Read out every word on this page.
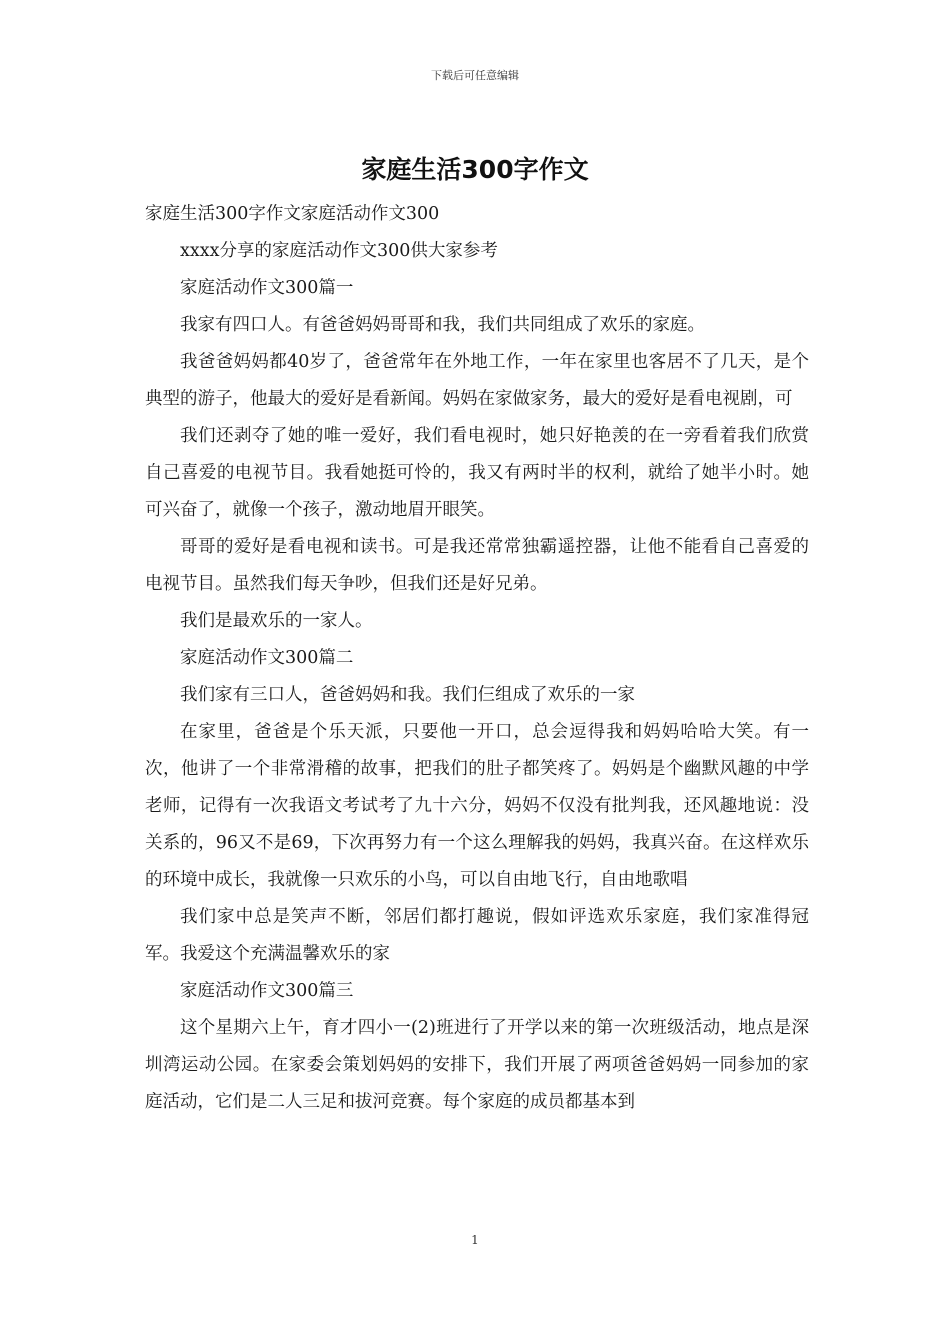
下载后可任意编辑
家庭生活300字作文

家庭生活300字作文家庭活动作文300

xxxx分享的家庭活动作文300供大家参考

家庭活动作文300篇一

我家有四口人。有爸爸妈妈哥哥和我，我们共同组成了欢乐的家庭。

我爸爸妈妈都40岁了，爸爸常年在外地工作，一年在家里也客居不了几天，是个典型的游子，他最大的爱好是看新闻。妈妈在家做家务，最大的爱好是看电视剧，可

我们还剥夺了她的唯一爱好，我们看电视时，她只好艳羡的在一旁看着我们欣赏自己喜爱的电视节目。我看她挺可怜的，我又有两时半的权利，就给了她半小时。她可兴奋了，就像一个孩子，激动地眉开眼笑。

哥哥的爱好是看电视和读书。可是我还常常独霸遥控器，让他不能看自己喜爱的电视节目。虽然我们每天争吵，但我们还是好兄弟。

我们是最欢乐的一家人。

家庭活动作文300篇二

我们家有三口人，爸爸妈妈和我。我们仨组成了欢乐的一家

在家里，爸爸是个乐天派，只要他一开口，总会逗得我和妈妈哈哈大笑。有一次，他讲了一个非常滑稽的故事，把我们的肚子都笑疼了。妈妈是个幽默风趣的中学老师，记得有一次我语文考试考了九十六分，妈妈不仅没有批判我，还风趣地说：没关系的，96又不是69，下次再努力有一个这么理解我的妈妈，我真兴奋。在这样欢乐的环境中成长，我就像一只欢乐的小鸟，可以自由地飞行，自由地歌唱

我们家中总是笑声不断，邻居们都打趣说，假如评选欢乐家庭，我们家准得冠军。我爱这个充满温馨欢乐的家

家庭活动作文300篇三

这个星期六上午，育才四小一(2)班进行了开学以来的第一次班级活动，地点是深圳湾运动公园。在家委会策划妈妈的安排下，我们开展了两项爸爸妈妈一同参加的家庭活动，它们是二人三足和拔河竞赛。每个家庭的成员都基本到

1
